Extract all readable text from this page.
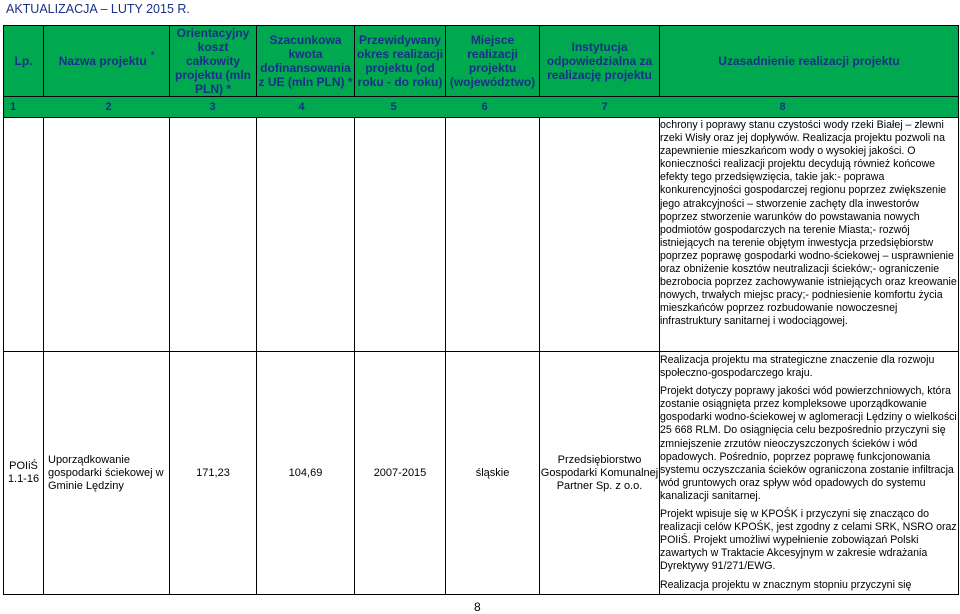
AKTUALIZACJA – LUTY 2015 R.
Lp.	Nazwa projektu *	Orientacyjny koszt całkowity projektu (mln PLN) *	Szacunkowa kwota dofinansowania z UE (mln PLN) *	Przewidywany okres realizacji projektu (od roku - do roku)	Miejsce realizacji projektu (województwo)	Instytucja odpowiedzialna za realizację projektu	Uzasadnienie realizacji projektu
1	2	3	4	5	6	7	8

							ochrony i poprawy stanu czystości wody rzeki Białej – zlewni rzeki Wisły oraz jej dopływów. Realizacja projektu pozwoli na zapewnienie mieszkańcom wody o wysokiej jakości. O konieczności realizacji projektu decydują również końcowe efekty tego przedsięwzięcia, takie jak:- poprawa konkurencyjności gospodarczej regionu poprzez zwiększenie jego atrakcyjności – stworzenie zachęty dla inwestorów poprzez stworzenie warunków do powstawania nowych podmiotów gospodarczych na terenie Miasta;- rozwój istniejących na terenie objętym inwestycja przedsiębiorstw poprzez poprawę gospodarki wodno-ściekowej – usprawnienie oraz obniżenie kosztów neutralizacji ścieków;- ograniczenie bezrobocia poprzez zachowywanie istniejących oraz kreowanie nowych, trwałych miejsc pracy;- podniesienie komfortu życia mieszkańców poprzez rozbudowanie nowoczesnej infrastruktury sanitarnej i wodociągowej.

POIiŚ 1.1-16	Uporządkowanie gospodarki ściekowej w Gminie Lędziny	171,23	104,69	2007-2015	śląskie	Przedsiębiorstwo Gospodarki Komunalnej Partner Sp. z o.o.	Realizacja projektu ma strategiczne znaczenie dla rozwoju społeczno-gospodarczego kraju.

Projekt dotyczy poprawy jakości wód powierzchniowych, która zostanie osiągnięta przez kompleksowe uporządkowanie gospodarki wodno-ściekowej w aglomeracji Lędziny o wielkości 25 668 RLM. Do osiągnięcia celu bezpośrednio przyczyni się zmniejszenie zrzutów nieoczyszczonych ścieków i wód opadowych. Pośrednio, poprzez poprawę funkcjonowania systemu oczyszczania ścieków ograniczona zostanie infiltracja wód gruntowych oraz spływ wód opadowych do systemu kanalizacji sanitarnej.

Projekt wpisuje się w KPOŚK i przyczyni się znacząco do realizacji celów KPOŚK, jest zgodny z celami SRK, NSRO oraz POIiŚ. Projekt umożliwi wypełnienie zobowiązań Polski zawartych w Traktacie Akcesyjnym w zakresie wdrażania Dyrektywy 91/271/EWG.

Realizacja projektu w znacznym stopniu przyczyni się

8
